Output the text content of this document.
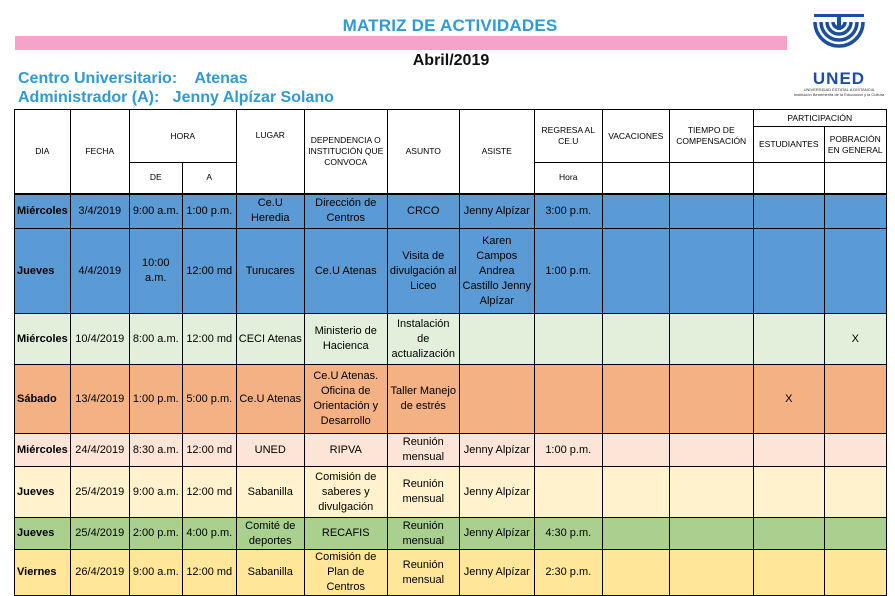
MATRIZ DE ACTIVIDADES
Abril/2019
Centro Universitario: Atenas
Administrador (A): Jenny Alpízar Solano
UNED
UNIVERSIDAD ESTATAL A DISTANCIA
Institución Benemérita de la Educación y la Cultura
DIA	FECHA	HORA		LUGAR	DEPENDENCIA O INSTITUCIÓN QUE CONVOCA	ASUNTO	ASISTE	REGRESA AL CE.U	VACACIONES	TIEMPO DE COMPENSACIÓN	PARTICIPACIÓN	
											ESTUDIANTES	POBRACIÓN EN GENERAL
		DE	A					Hora				
Miércoles	3/4/2019	9:00 a.m.	1:00 p.m.	Ce.U Heredia	Dirección de Centros	CRCO	Jenny Alpízar	3:00 p.m.				
Jueves	4/4/2019	10:00 a.m.	12:00 md	Turucares	Ce.U Atenas	Visita de divulgación al Liceo	Karen Campos Andrea Castillo Jenny Alpízar	1:00 p.m.				
Miércoles	10/4/2019	8:00 a.m.	12:00 md	CECI Atenas	Ministerio de Hacienca	Instalación de actualización						X
Sábado	13/4/2019	1:00 p.m.	5:00 p.m.	Ce.U Atenas	Ce.U Atenas. Oficina de Orientación y Desarrollo	Taller Manejo de estrés					X	
Miércoles	24/4/2019	8:30 a.m.	12:00 md	UNED	RIPVA	Reunión mensual	Jenny Alpízar	1:00 p.m.				
Jueves	25/4/2019	9:00 a.m.	12:00 md	Sabanilla	Comisión de saberes y divulgación	Reunión mensual	Jenny Alpízar					
Jueves	25/4/2019	2:00 p.m.	4:00 p.m.	Comité de deportes	RECAFIS	Reunión mensual	Jenny Alpízar	4:30 p.m.				
Viernes	26/4/2019	9:00 a.m.	12:00 md	Sabanilla	Comisión de Plan de Centros	Reunión mensual	Jenny Alpízar	2:30 p.m.				
